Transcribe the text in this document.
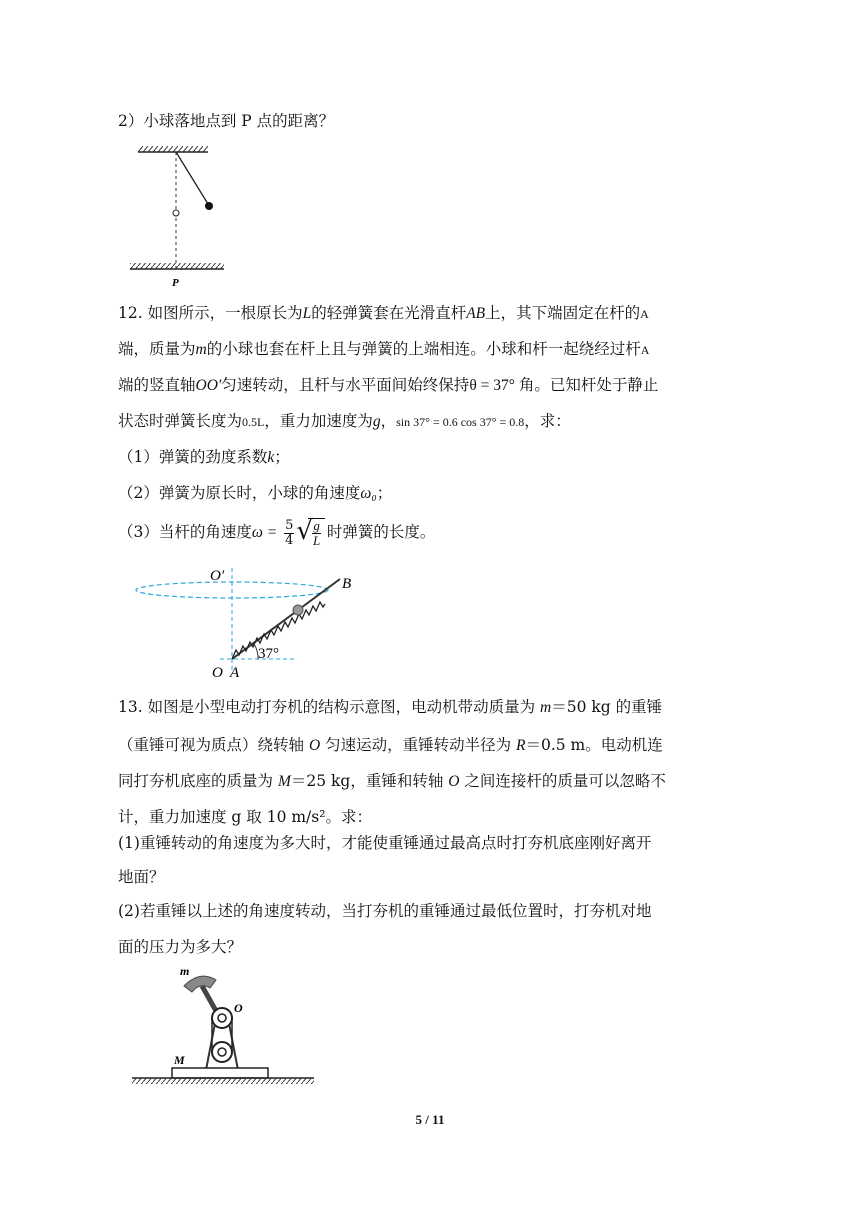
2）小球落地点到 P 点的距离？
P
12. 如图所示，一根原长为L的轻弹簧套在光滑直杆AB上，其下端固定在杆的A
端，质量为m的小球也套在杆上且与弹簧的上端相连。小球和杆一起绕经过杆A
端的竖直轴OO′匀速转动，且杆与水平面间始终保持θ = 37° 角。已知杆处于静止
状态时弹簧长度为0.5L，重力加速度为g，sin 37° = 0.6 cos 37° = 0.8，求：
（1）弹簧的劲度系数k；
（2）弹簧为原长时，小球的角速度ω₀；
（3）当杆的角速度$\omega = \frac{5}{4}$ √ $\frac{g}{L}$ 时弹簧的长度。
O′	B
37°
O A
13. 如图是小型电动打夯机的结构示意图，电动机带动质量为 m＝50 kg 的重锤
（重锤可视为质点）绕转轴 O 匀速运动，重锤转动半径为 R＝0.5 m。电动机连
同打夯机底座的质量为 M＝25 kg，重锤和转轴 O 之间连接杆的质量可以忽略不
计，重力加速度 g 取 10 m/s²。求：
(1)重锤转动的角速度为多大时，才能使重锤通过最高点时打夯机底座刚好离开
地面？
(2)若重锤以上述的角速度转动，当打夯机的重锤通过最低位置时，打夯机对地
面的压力为多大？
m
O
M
5 / 11
